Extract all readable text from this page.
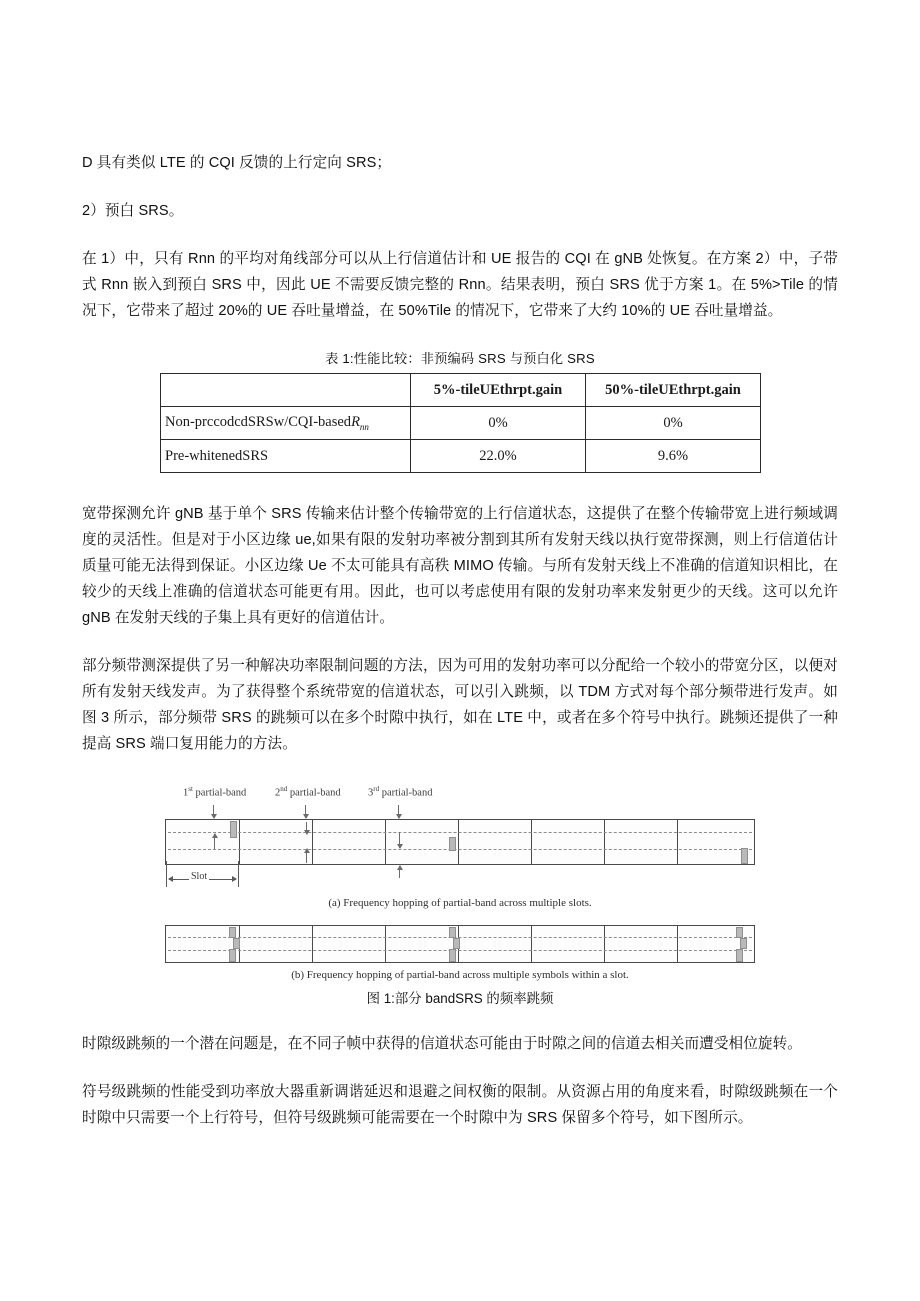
D 具有类似 LTE 的 CQI 反馈的上行定向 SRS；

2）预白 SRS。

在 1）中，只有 Rnn 的平均对角线部分可以从上行信道估计和 UE 报告的 CQI 在 gNB 处恢复。在方案 2）中，子带式 Rnn 嵌入到预白 SRS 中，因此 UE 不需要反馈完整的 Rnn。结果表明，预白 SRS 优于方案 1。在 5%>Tile 的情况下，它带来了超过 20%的 UE 吞吐量增益，在 50%Tile 的情况下，它带来了大约 10%的 UE 吞吐量增益。

表 1:性能比较：非预编码 SRS 与预白化 SRS
	5%-tileUEthrpt.gain	50%-tileUEthrpt.gain
Non-prccodcdSRSw/CQI-basedR$_{nn}$	0%	0%
Pre-whitenedSRS	22.0%	9.6%

宽带探测允许 gNB 基于单个 SRS 传输来估计整个传输带宽的上行信道状态，这提供了在整个传输带宽上进行频域调度的灵活性。但是对于小区边缘 ue,如果有限的发射功率被分割到其所有发射天线以执行宽带探测，则上行信道估计质量可能无法得到保证。小区边缘 Ue 不太可能具有高秩 MIMO 传输。与所有发射天线上不准确的信道知识相比，在较少的天线上准确的信道状态可能更有用。因此，也可以考虑使用有限的发射功率来发射更少的天线。这可以允许 gNB 在发射天线的子集上具有更好的信道估计。

部分频带测深提供了另一种解决功率限制问题的方法，因为可用的发射功率可以分配给一个较小的带宽分区，以便对所有发射天线发声。为了获得整个系统带宽的信道状态，可以引入跳频，以 TDM 方式对每个部分频带进行发声。如图 3 所示，部分频带 SRS 的跳频可以在多个时隙中执行，如在 LTE 中，或者在多个符号中执行。跳频还提供了一种提高 SRS 端口复用能力的方法。

1st partial-band	2nd partial-band	3rd partial-band
Slot
(a) Frequency hopping of partial-band across multiple slots.
(b) Frequency hopping of partial-band across multiple symbols within a slot.
图 1:部分 bandSRS 的频率跳频

时隙级跳频的一个潜在问题是，在不同子帧中获得的信道状态可能由于时隙之间的信道去相关而遭受相位旋转。

符号级跳频的性能受到功率放大器重新调谐延迟和退避之间权衡的限制。从资源占用的角度来看，时隙级跳频在一个时隙中只需要一个上行符号，但符号级跳频可能需要在一个时隙中为 SRS 保留多个符号，如下图所示。
